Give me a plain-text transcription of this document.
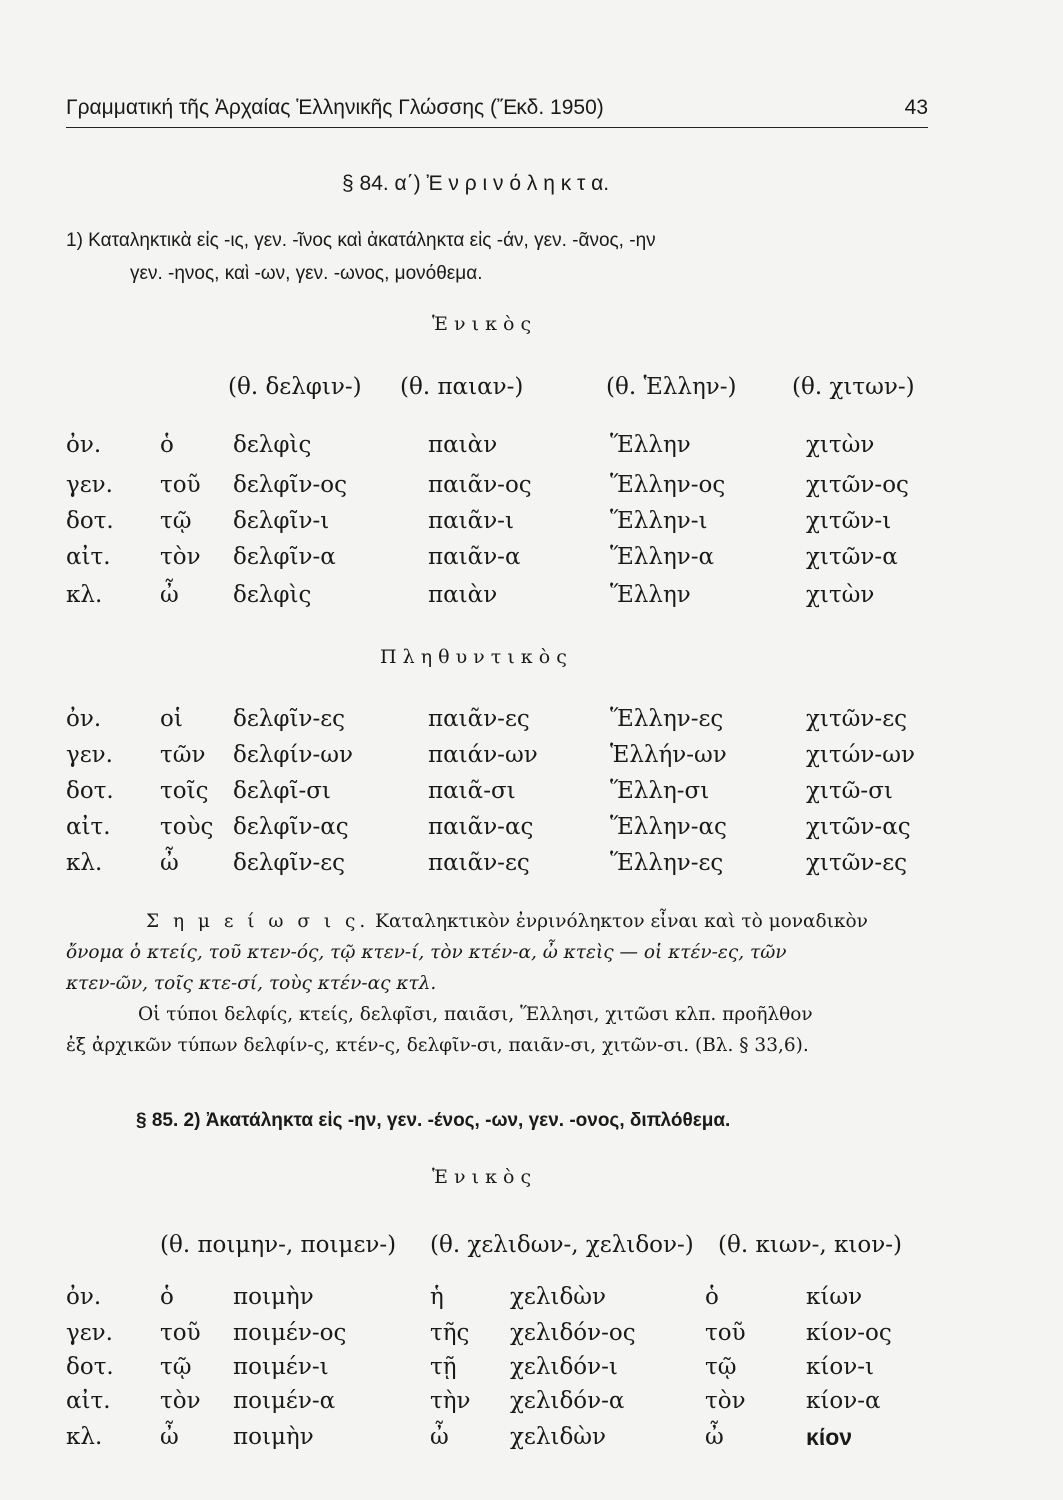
Γραμματική τῆς Ἀρχαίας Ἑλληνικῆς Γλώσσης (Ἔκδ. 1950)	43
§ 84. α΄) Ἐ ν ρ ι ν ό λ η κ τ α.
1) Καταληκτικὰ εἰς -ις, γεν. -ῖνος καὶ ἀκατάληκτα εἰς -άν, γεν. -ᾶνος, -ην
γεν. -ηνος, καὶ -ων, γεν. -ωνος, μονόθεμα.
Ἑ ν ι κ ὸ ς
(θ. δελφιν-) (θ. παιαν-)	(θ. Ἑλλην-) (θ. χιτων-)
ὀν.	ὁ	δελφὶς	παιὰν	Ἕλλην	χιτὼν
γεν. τοῦ δελφῖν-ος	παιᾶν-ος	Ἕλλην-ος	χιτῶν-ος
δοτ. τῷ δελφῖν-ι	παιᾶν-ι	Ἕλλην-ι	χιτῶν-ι
αἰτ. τὸν δελφῖν-α	παιᾶν-α	Ἕλλην-α	χιτῶν-α
κλ.	ὦ δελφὶς	παιὰν	Ἕλλην	χιτὼν
Π λ η θ υ ν τ ι κ ὸ ς
ὀν.	οἱ δελφῖν-ες	παιᾶν-ες	Ἕλλην-ες	χιτῶν-ες
γεν. τῶν δελφίν-ων	παιάν-ων	Ἑλλήν-ων	χιτών-ων
δοτ. τοῖς δελφῖ-σι	παιᾶ-σι	Ἕλλη-σι	χιτῶ-σι
αἰτ. τοὺς δελφῖν-ας	παιᾶν-ας	Ἕλλην-ας	χιτῶν-ας
κλ.	ὦ δελφῖν-ες	παιᾶν-ες	Ἕλλην-ες	χιτῶν-ες
Σ η μ ε ί ω σ ι ς. Καταληκτικὸν ἐνρινόληκτον εἶναι καὶ τὸ μοναδικὸν
ὄνομα ὁ κτείς, τοῦ κτεν-ός, τῷ κτεν-ί, τὸν κτέν-α, ὦ κτεὶς — οἱ κτέν-ες, τῶν
κτεν-ῶν, τοῖς κτε-σί, τοὺς κτέν-ας κτλ.
Οἱ τύποι δελφίς, κτείς, δελφῖσι, παιᾶσι, Ἕλλησι, χιτῶσι κλπ. προῆλθον
ἐξ ἀρχικῶν τύπων δελφίν-ς, κτέν-ς, δελφῖν-σι, παιᾶν-σι, χιτῶν-σι. (Βλ. § 33,6).
§ 85. 2) Ἀκατάληκτα εἰς -ην, γεν. -ένος, -ων, γεν. -ονος, διπλόθεμα.
Ἑ ν ι κ ὸ ς
(θ. ποιμην-, ποιμεν-) (θ. χελιδων-, χελιδον-) (θ. κιων-, κιον-)
ὀν.	ὁ	ποιμὴν	ἡ	χελιδὼν	ὁ	κίων
γεν. τοῦ ποιμέν-ος	τῆς χελιδόν-ος	τοῦ	κίον-ος
δοτ. τῷ ποιμέν-ι	τῇ χελιδόν-ι	τῷ	κίον-ι
αἰτ. τὸν ποιμέν-α	τὴν χελιδόν-α	τὸν	κίον-α
κλ.	ὦ ποιμὴν	ὦ	χελιδὼν	ὦ	κίον
